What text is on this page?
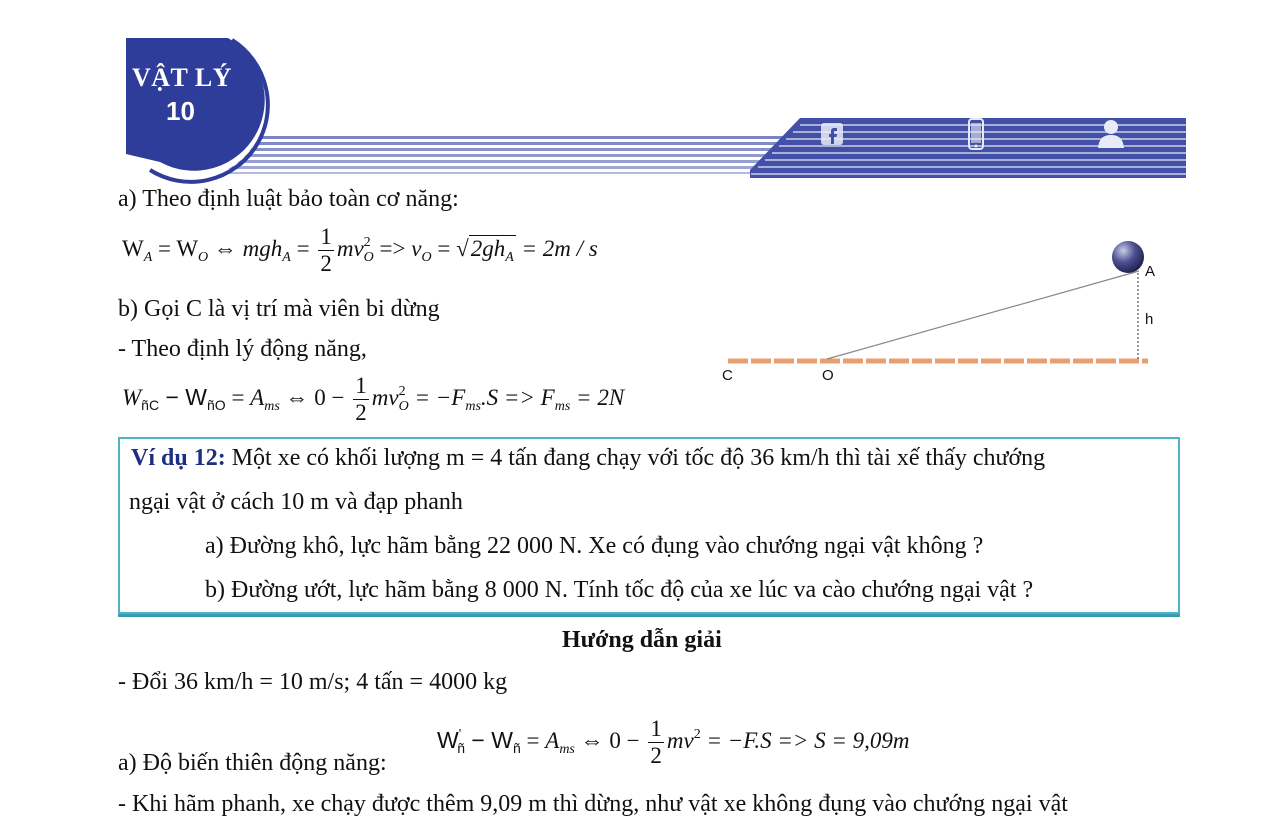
VẬT LÝ
10
a) Theo định luật bảo toàn cơ năng:
$W_A = W_O$ ⇔ $mgh_A = \frac{1}{2} mv^2_O => v_O = √2gh_A = 2m / s$
b) Gọi C là vị trí mà viên bi dừng
- Theo định lý động năng,
$W_{ñC} - W_{ñO} = A_{ms}$ ⇔ $0 - \frac{1}{2} mv^2_O = -F_{ms}.S => F_{ms} = 2N$
A
h
C	O
Ví dụ 12: Một xe có khối lượng m = 4 tấn đang chạy với tốc độ 36 km/h thì tài xế thấy chướng
ngại vật ở cách 10 m và đạp phanh
a) Đường khô, lực hãm bằng 22 000 N. Xe có đụng vào chướng ngại vật không ?
b) Đường ướt, lực hãm bằng 8 000 N. Tính tốc độ của xe lúc va cào chướng ngại vật ?
Hướng dẫn giải
- Đổi 36 km/h = 10 m/s; 4 tấn = 4000 kg
$W'_ñ - W_ñ = A_{ms}$ ⇔ $0 - \frac{1}{2} mv^2 = -F.S => S = 9,09m$
a) Độ biến thiên động năng:
- Khi hãm phanh, xe chạy được thêm 9,09 m thì dừng, như vật xe không đụng vào chướng ngại vật
